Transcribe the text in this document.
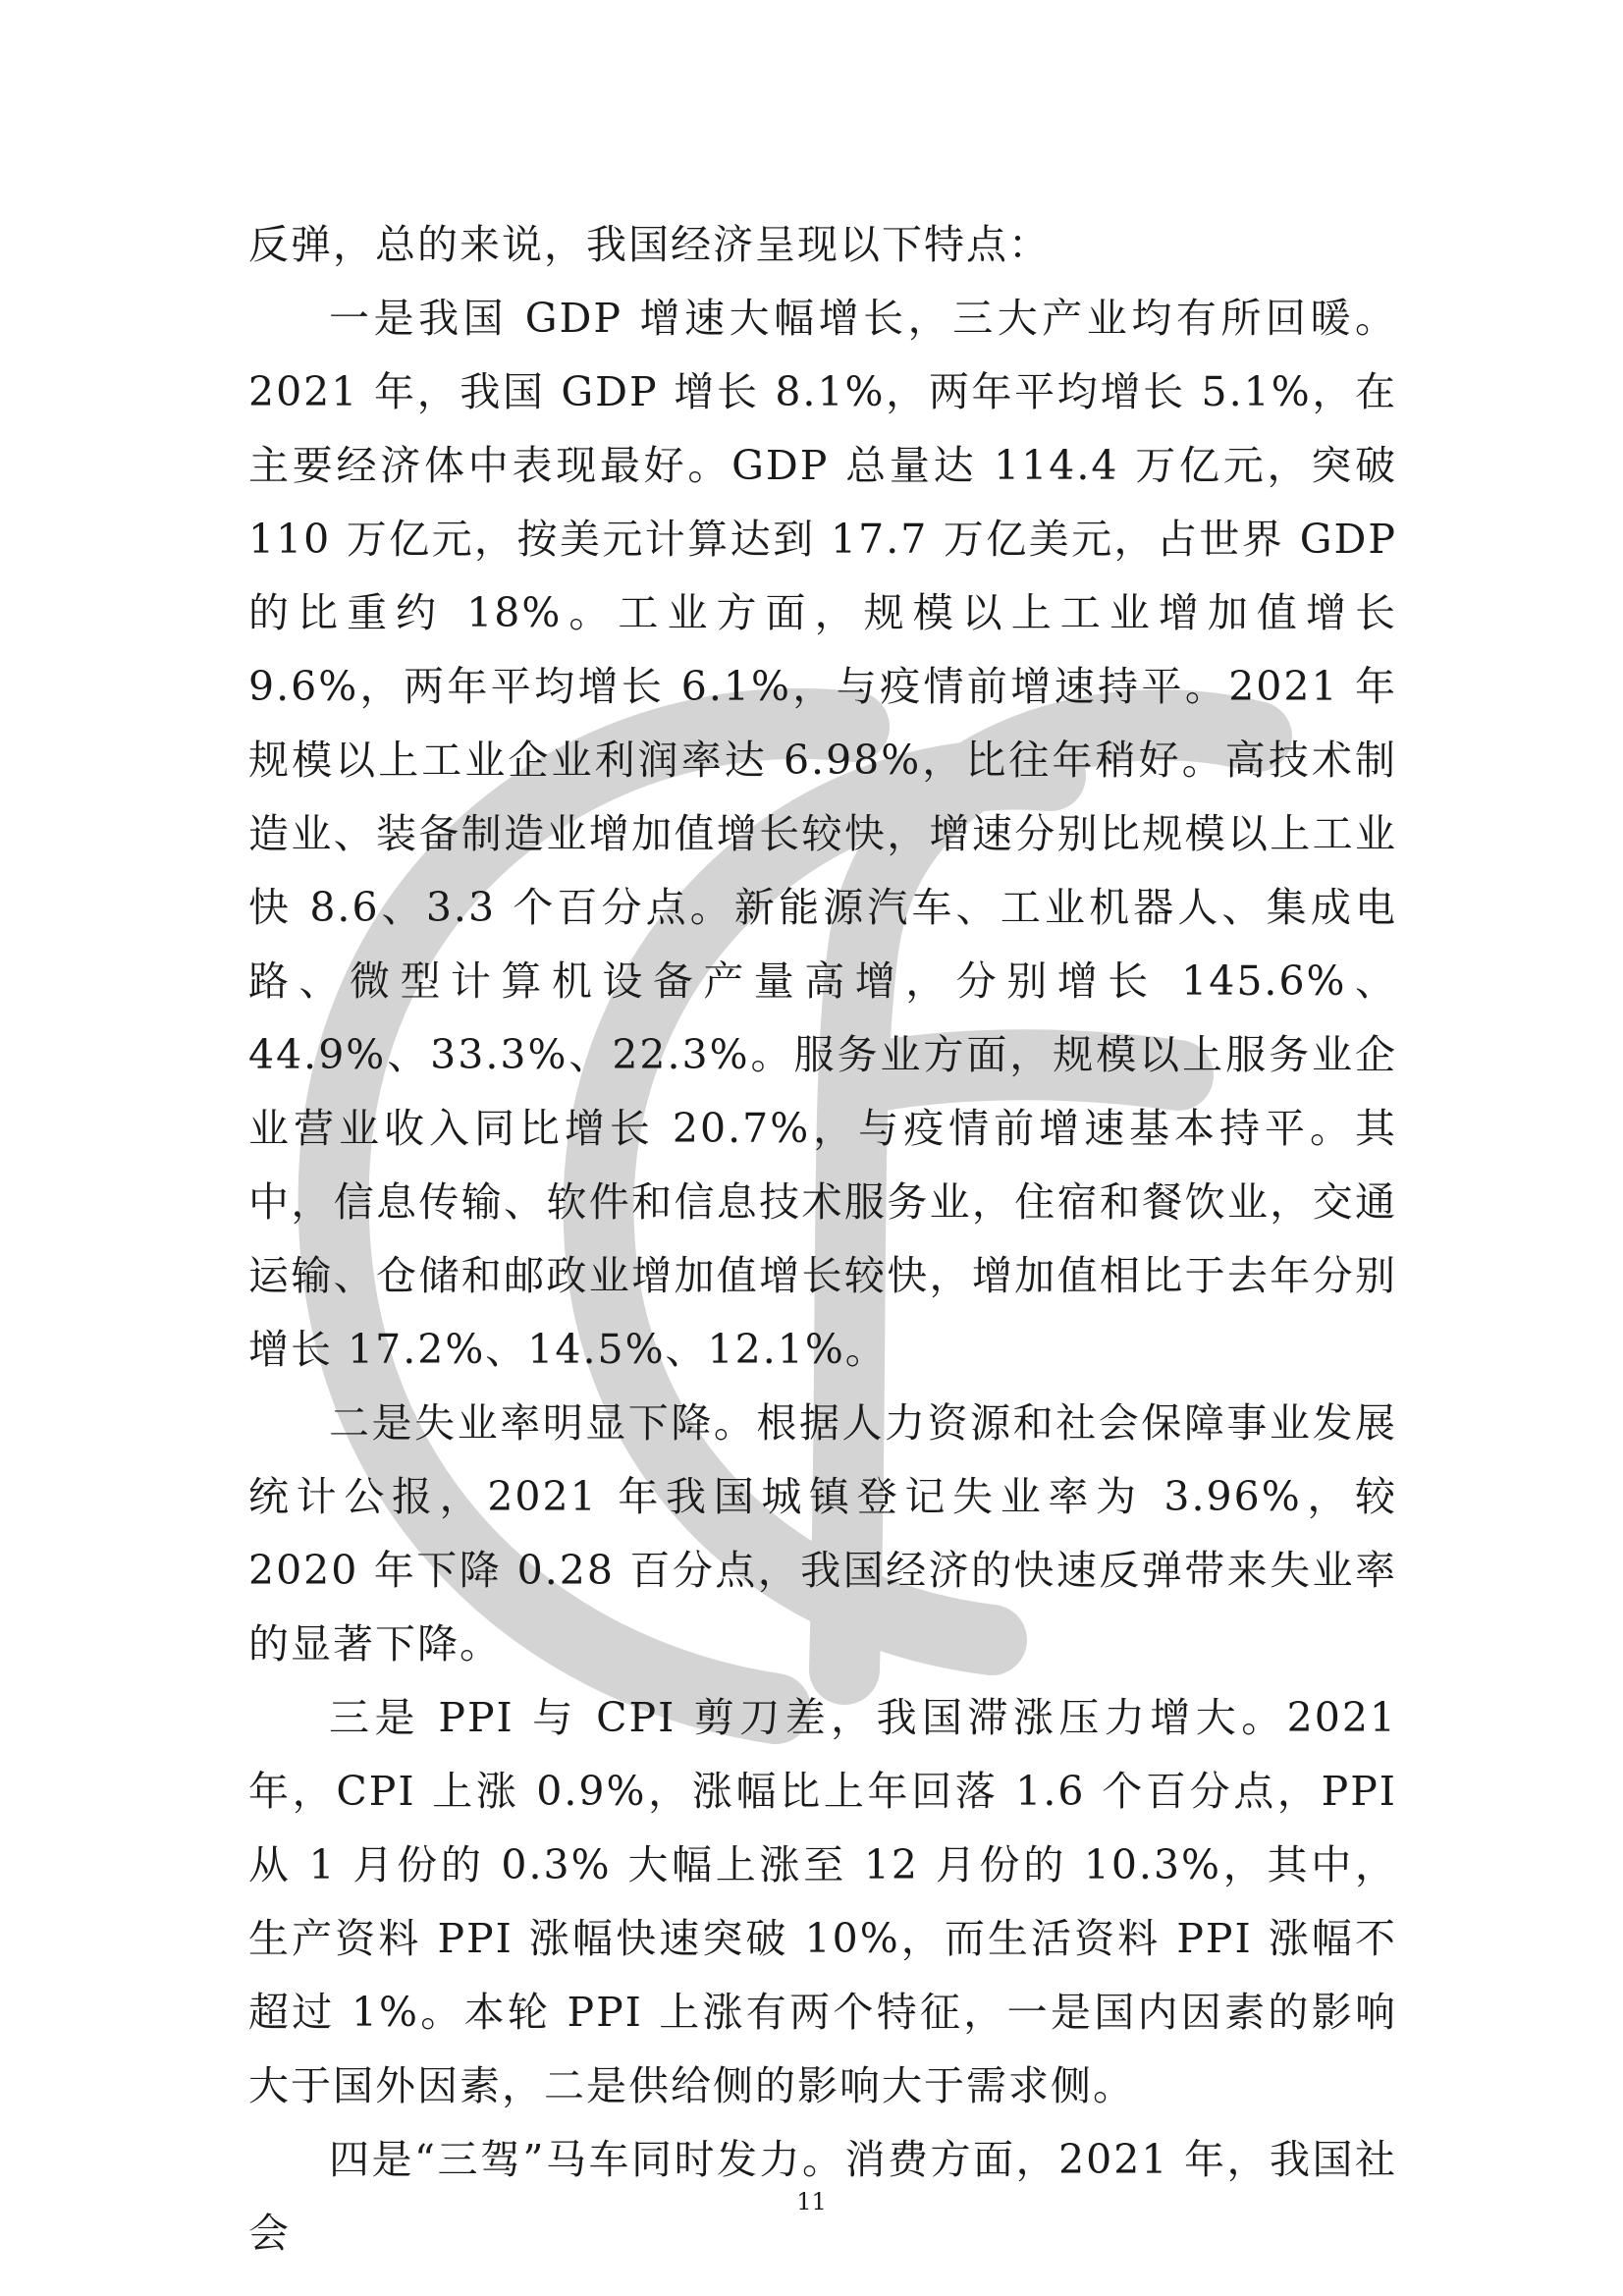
反弹，总的来说，我国经济呈现以下特点：

一是我国 GDP 增速大幅增长，三大产业均有所回暖。2021 年，我国 GDP 增长 8.1%，两年平均增长 5.1%，在主要经济体中表现最好。GDP 总量达 114.4 万亿元，突破 110 万亿元，按美元计算达到 17.7 万亿美元，占世界 GDP 的比重约 18%。工业方面，规模以上工业增加值增长 9.6%，两年平均增长 6.1%，与疫情前增速持平。2021 年规模以上工业企业利润率达 6.98%，比往年稍好。高技术制造业、装备制造业增加值增长较快，增速分别比规模以上工业快 8.6、3.3 个百分点。新能源汽车、工业机器人、集成电路、微型计算机设备产量高增，分别增长 145.6%、44.9%、33.3%、22.3%。服务业方面，规模以上服务业企业营业收入同比增长 20.7%，与疫情前增速基本持平。其中，信息传输、软件和信息技术服务业，住宿和餐饮业，交通运输、仓储和邮政业增加值增长较快，增加值相比于去年分别增长 17.2%、14.5%、12.1%。

二是失业率明显下降。根据人力资源和社会保障事业发展统计公报，2021 年我国城镇登记失业率为 3.96%，较 2020 年下降 0.28 百分点，我国经济的快速反弹带来失业率的显著下降。

三是 PPI 与 CPI 剪刀差，我国滞涨压力增大。2021 年，CPI 上涨 0.9%，涨幅比上年回落 1.6 个百分点，PPI 从 1 月份的 0.3% 大幅上涨至 12 月份的 10.3%，其中，生产资料 PPI 涨幅快速突破 10%，而生活资料 PPI 涨幅不超过 1%。本轮 PPI 上涨有两个特征，一是国内因素的影响大于国外因素，二是供给侧的影响大于需求侧。

四是“三驾”马车同时发力。消费方面，2021 年，我国社会

11
